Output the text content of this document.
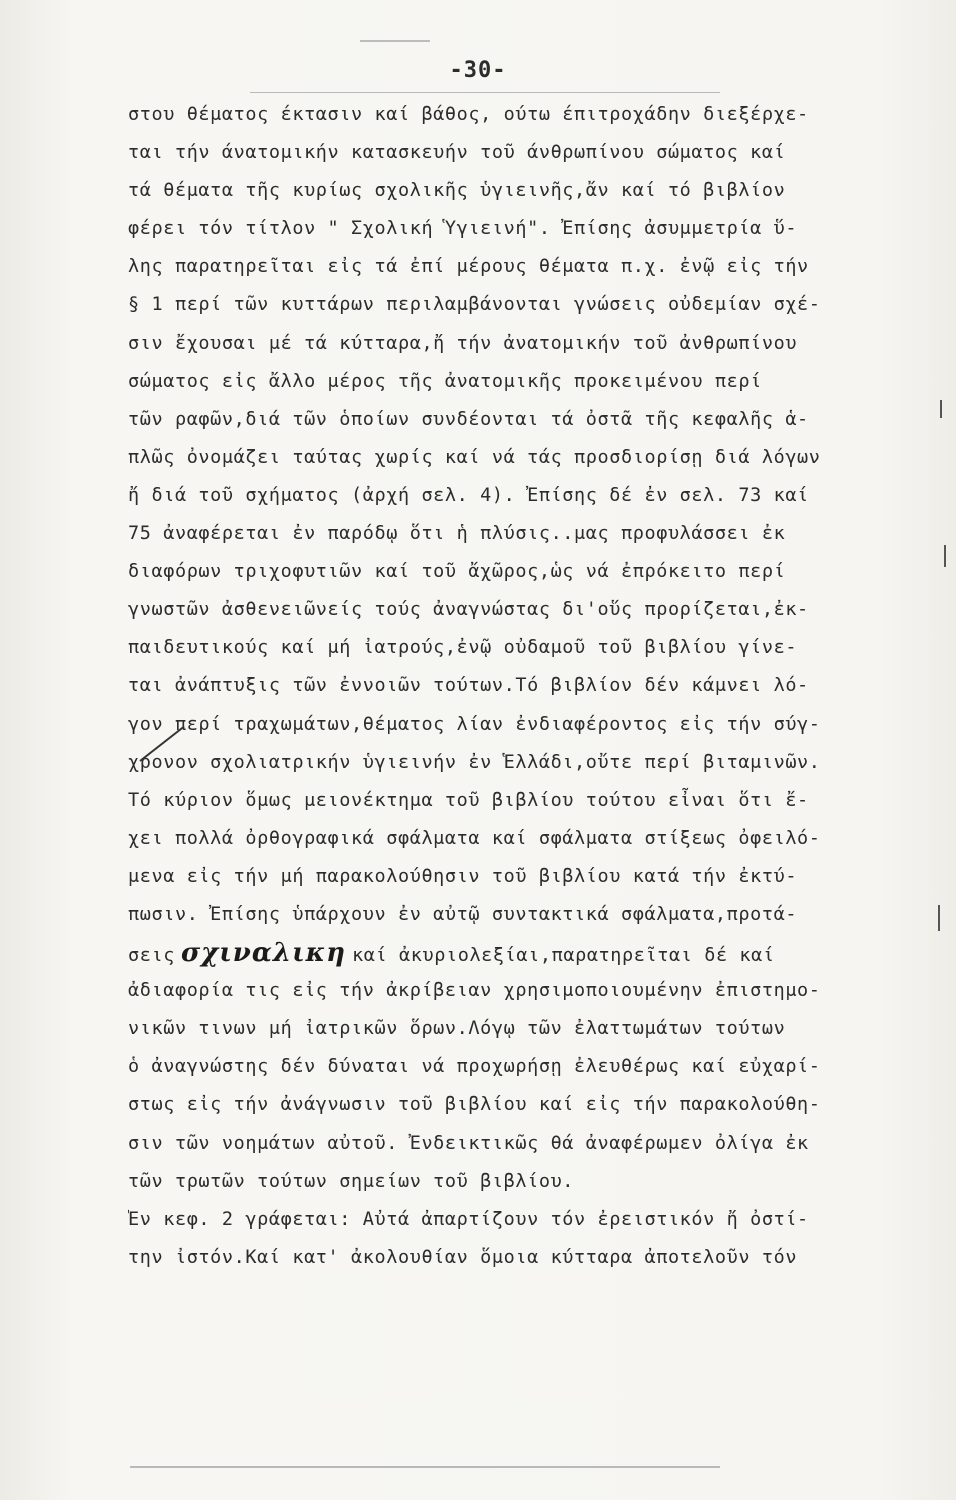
-30-
στου θέματος έκτασιν καί βάθος, ούτω έπιτροχάδην διεξέρχε-
ται τήν άνατομικήν κατασκευήν τοῦ άνθρωπίνου σώματος καί
τά θέματα τῆς κυρίως σχολικῆς ὑγιεινῆς,ἄν καί τό βιβλίον
φέρει τόν τίτλον " Σχολική Ὑγιεινή". Ἐπίσης ἀσυμμετρία ὕ-
λης παρατηρεῖται εἰς τά ἐπί μέρους θέματα π.χ. ἐνῷ εἰς τήν
§ 1 περί τῶν κυττάρων περιλαμβάνονται γνώσεις οὐδεμίαν σχέ-
σιν ἔχουσαι μέ τά κύτταρα,ἤ τήν ἀνατομικήν τοῦ ἀνθρωπίνου
σώματος εἰς ἄλλο μέρος τῆς ἀνατομικῆς προκειμένου περί
τῶν ραφῶν,διά τῶν ὁποίων συνδέονται τά ὀστᾶ τῆς κεφαλῆς ἁ-
πλῶς ὀνομάζει ταύτας χωρίς καί νά τάς προσδιορίσῃ διά λόγων
ἤ διά τοῦ σχήματος (ἀρχή σελ. 4). Ἐπίσης δέ ἐν σελ. 73 καί
75 ἀναφέρεται ἐν παρόδῳ ὅτι ἡ πλύσις..μας προφυλάσσει ἐκ
διαφόρων τριχοφυτιῶν καί τοῦ ἄχῶρος,ὡς νά ἐπρόκειτο περί
γνωστῶν ἀσθενειῶνείς τούς ἀναγνώστας δι'οὕς προρίζεται,ἐκ-
παιδευτικούς καί μή ἰατρούς,ἐνῷ οὐδαμοῦ τοῦ βιβλίου γίνε-
ται ἀνάπτυξις τῶν ἐννοιῶν τούτων.Τό βιβλίον δέν κάμνει λό-
γον περί τραχωμάτων,θέματος λίαν ἐνδιαφέροντος εἰς τήν σύγ-
χρονον σχολιατρικήν ὑγιεινήν ἐν Ἑλλάδι,οὔτε περί βιταμινῶν.
Τό κύριον ὅμως μειονέκτημα τοῦ βιβλίου τούτου εἶναι ὅτι ἔ-
χει πολλά ὀρθογραφικά σφάλματα καί σφάλματα στίξεως ὀφειλό-
μενα εἰς τήν μή παρακολούθησιν τοῦ βιβλίου κατά τήν ἐκτύ-
πωσιν. Ἐπίσης ὑπάρχουν ἐν αὐτῷ συντακτικά σφάλματα,προτά-
σεις σχιναλικη καί ἀκυριολεξίαι,παρατηρεῖται δέ καί
ἀδιαφορία τις εἰς τήν ἀκρίβειαν χρησιμοποιουμένην ἐπιστημο-
νικῶν τινων μή ἰατρικῶν ὅρων.Λόγῳ τῶν ἐλαττωμάτων τούτων
ὁ ἀναγνώστης δέν δύναται νά προχωρήσῃ ἐλευθέρως καί εὐχαρί-
στως εἰς τήν ἀνάγνωσιν τοῦ βιβλίου καί εἰς τήν παρακολούθη-
σιν τῶν νοημάτων αὐτοῦ. Ἐνδεικτικῶς θά ἀναφέρωμεν ὀλίγα ἐκ
τῶν τρωτῶν τούτων σημείων τοῦ βιβλίου.
Ἐν κεφ. 2 γράφεται: Αὐτά ἀπαρτίζουν τόν ἐρειστικόν ἤ ὀστί-
την ἰστόν.Καί κατ' ἀκολουθίαν ὅμοια κύτταρα ἀποτελοῦν τόν
